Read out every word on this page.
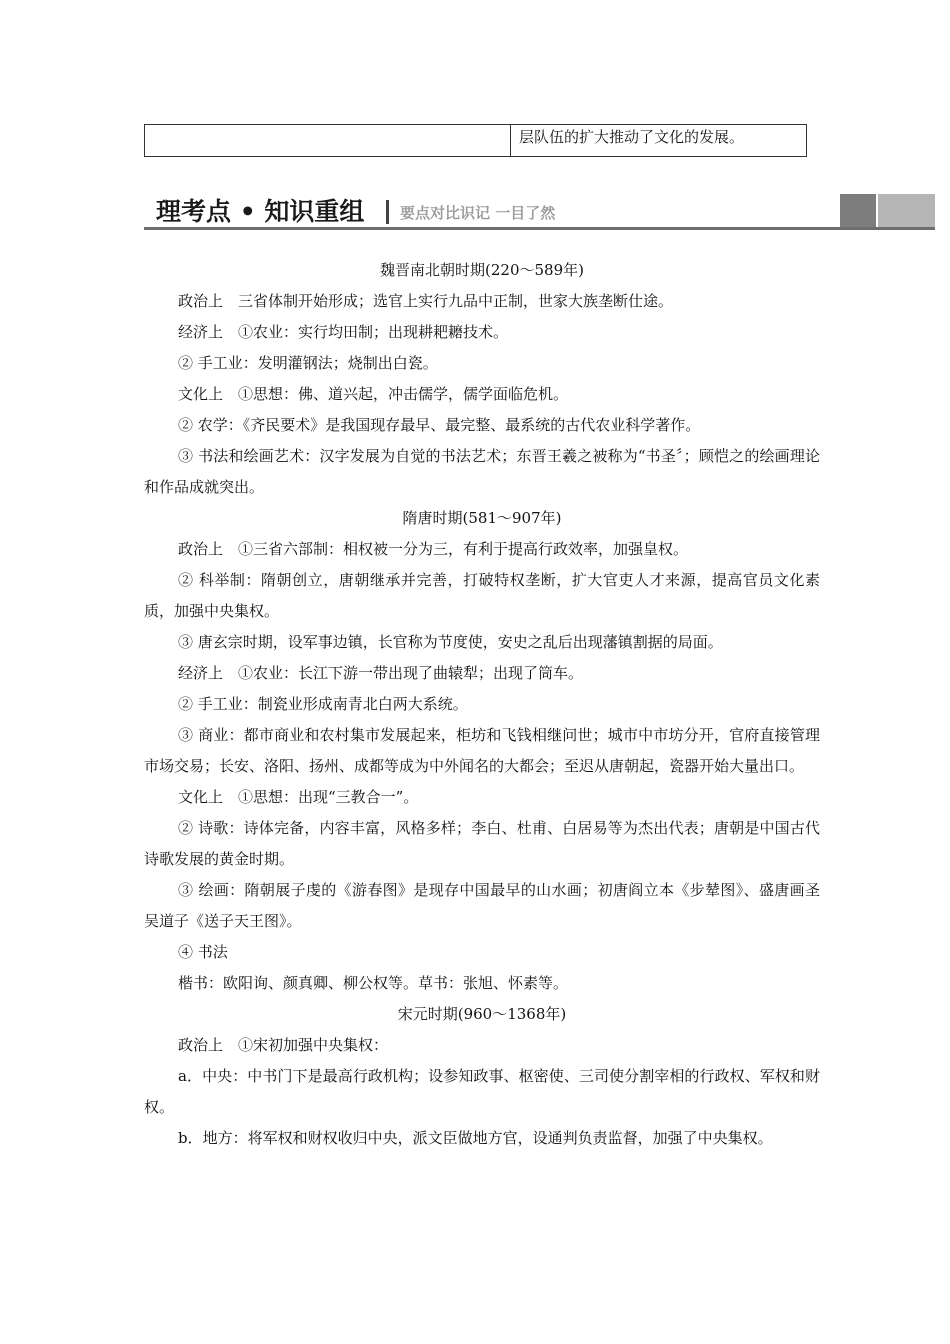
层队伍的扩大推动了文化的发展。
理考点 • 知识重组 要点对比识记 一目了然

魏晋南北朝时期(220～589年)

政治上　三省体制开始形成；选官上实行九品中正制，世家大族垄断仕途。

经济上　①农业：实行均田制；出现耕耙耱技术。

② 手工业：发明灌钢法；烧制出白瓷。

文化上　①思想：佛、道兴起，冲击儒学，儒学面临危机。

② 农学：《齐民要术》是我国现存最早、最完整、最系统的古代农业科学著作。

③ 书法和绘画艺术：汉字发展为自觉的书法艺术；东晋王羲之被称为“书圣〞；顾恺之的绘画理论和作品成就突出。

隋唐时期(581～907年)

政治上　①三省六部制：相权被一分为三，有利于提高行政效率，加强皇权。

② 科举制：隋朝创立，唐朝继承并完善，打破特权垄断，扩大官吏人才来源，提高官员文化素质，加强中央集权。

③ 唐玄宗时期，设军事边镇，长官称为节度使，安史之乱后出现藩镇割据的局面。

经济上　①农业：长江下游一带出现了曲辕犁；出现了筒车。

② 手工业：制瓷业形成南青北白两大系统。

③ 商业：都市商业和农村集市发展起来，柜坊和飞钱相继问世；城市中市坊分开，官府直接管理市场交易；长安、洛阳、扬州、成都等成为中外闻名的大都会；至迟从唐朝起，瓷器开始大量出口。

文化上　①思想：出现“三教合一”。

② 诗歌：诗体完备，内容丰富，风格多样；李白、杜甫、白居易等为杰出代表；唐朝是中国古代诗歌发展的黄金时期。

③ 绘画：隋朝展子虔的《游春图》是现存中国最早的山水画；初唐阎立本《步辇图》、盛唐画圣吴道子《送子天王图》。

④ 书法

楷书：欧阳询、颜真卿、柳公权等。草书：张旭、怀素等。

宋元时期(960～1368年)

政治上　①宋初加强中央集权：

a．中央：中书门下是最高行政机构；设参知政事、枢密使、三司使分割宰相的行政权、军权和财权。

b．地方：将军权和财权收归中央，派文臣做地方官，设通判负责监督，加强了中央集权。
